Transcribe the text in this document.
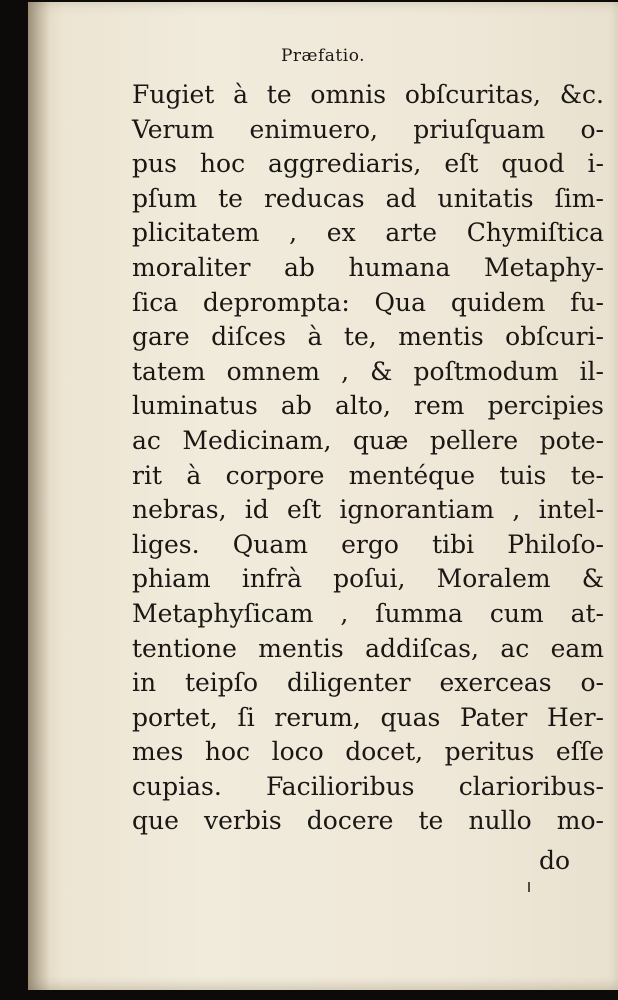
Præfatio.
Fugiet à te omnis obſcuritas, &c.
Verum enimuero, priuſquam o-
pus hoc aggrediaris, eſt quod i-
pſum te reducas ad unitatis ſim-
plicitatem , ex arte Chymiſtica
moraliter ab humana Metaphy-
ſica deprompta: Qua quidem fu-
gare diſces à te, mentis obſcuri-
tatem omnem , & poſtmodum il-
luminatus ab alto, rem percipies
ac Medicinam, quæ pellere pote-
rit à corpore mentéque tuis te-
nebras, id eſt ignorantiam , intel-
liges. Quam ergo tibi Philoſo-
phiam infrà poſui, Moralem &
Metaphyſicam , ſumma cum at-
tentione mentis addiſcas, ac eam
in teipſo diligenter exerceas o-
portet, ſi rerum, quas Pater Her-
mes hoc loco docet, peritus eſſe
cupias. Facilioribus clarioribus-
que verbis docere te nullo mo-
do
